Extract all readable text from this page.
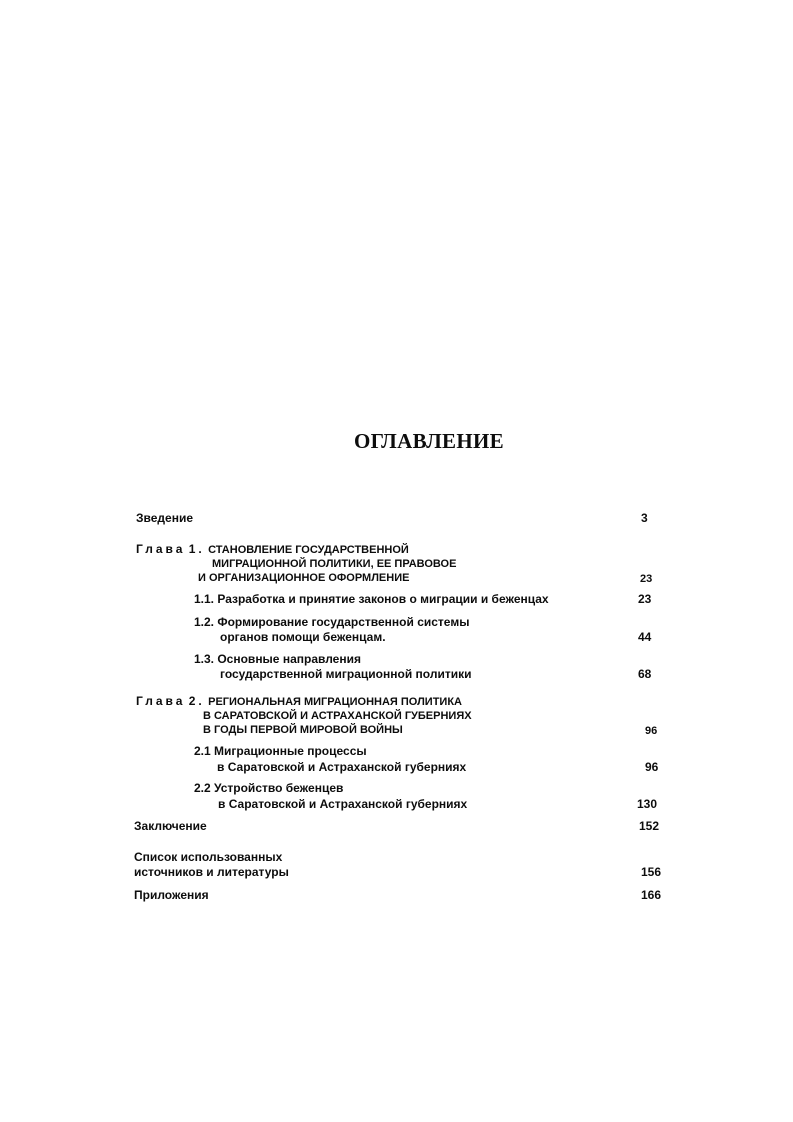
ОГЛАВЛЕНИЕ
Зведение	3
Глава 1. СТАНОВЛЕНИЕ ГОСУДАРСТВЕННОЙ
МИГРАЦИОННОЙ ПОЛИТИКИ, ЕЕ ПРАВОВОЕ
И ОРГАНИЗАЦИОННОЕ ОФОРМЛЕНИЕ	23
1.1. Разработка и принятие законов о миграции и беженцах	23
1.2. Формирование государственной системы
органов помощи беженцам.	44
1.3. Основные направления
государственной миграционной политики	68
Глава 2. РЕГИОНАЛЬНАЯ МИГРАЦИОННАЯ ПОЛИТИКА
В САРАТОВСКОЙ И АСТРАХАНСКОЙ ГУБЕРНИЯХ
В ГОДЫ ПЕРВОЙ МИРОВОЙ ВОЙНЫ	96
2.1 Миграционные процессы
в Саратовской и Астраханской губерниях	96
2.2 Устройство беженцев
в Саратовской и Астраханской губерниях	130
Заключение	152
Список использованных
источников и литературы	156
Приложения	166
